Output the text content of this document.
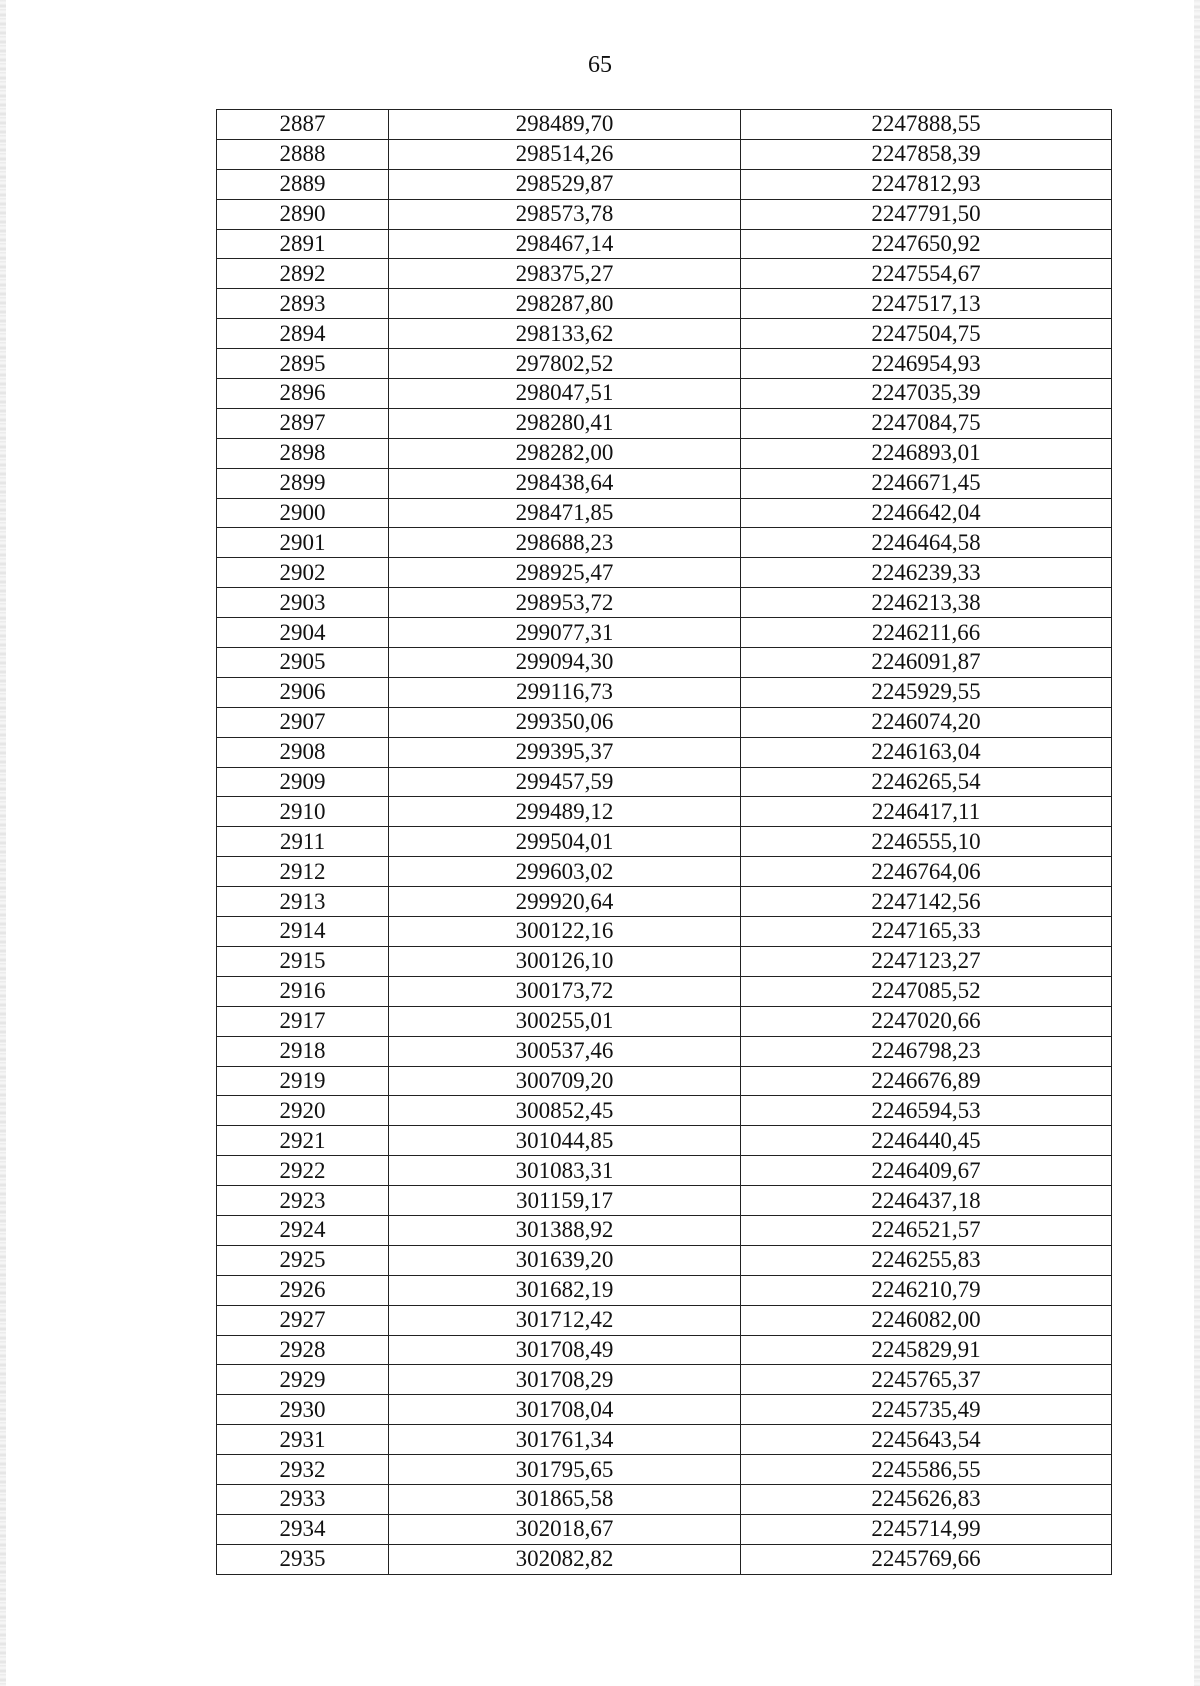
65
2887	298489,70	2247888,55
2888	298514,26	2247858,39
2889	298529,87	2247812,93
2890	298573,78	2247791,50
2891	298467,14	2247650,92
2892	298375,27	2247554,67
2893	298287,80	2247517,13
2894	298133,62	2247504,75
2895	297802,52	2246954,93
2896	298047,51	2247035,39
2897	298280,41	2247084,75
2898	298282,00	2246893,01
2899	298438,64	2246671,45
2900	298471,85	2246642,04
2901	298688,23	2246464,58
2902	298925,47	2246239,33
2903	298953,72	2246213,38
2904	299077,31	2246211,66
2905	299094,30	2246091,87
2906	299116,73	2245929,55
2907	299350,06	2246074,20
2908	299395,37	2246163,04
2909	299457,59	2246265,54
2910	299489,12	2246417,11
2911	299504,01	2246555,10
2912	299603,02	2246764,06
2913	299920,64	2247142,56
2914	300122,16	2247165,33
2915	300126,10	2247123,27
2916	300173,72	2247085,52
2917	300255,01	2247020,66
2918	300537,46	2246798,23
2919	300709,20	2246676,89
2920	300852,45	2246594,53
2921	301044,85	2246440,45
2922	301083,31	2246409,67
2923	301159,17	2246437,18
2924	301388,92	2246521,57
2925	301639,20	2246255,83
2926	301682,19	2246210,79
2927	301712,42	2246082,00
2928	301708,49	2245829,91
2929	301708,29	2245765,37
2930	301708,04	2245735,49
2931	301761,34	2245643,54
2932	301795,65	2245586,55
2933	301865,58	2245626,83
2934	302018,67	2245714,99
2935	302082,82	2245769,66
